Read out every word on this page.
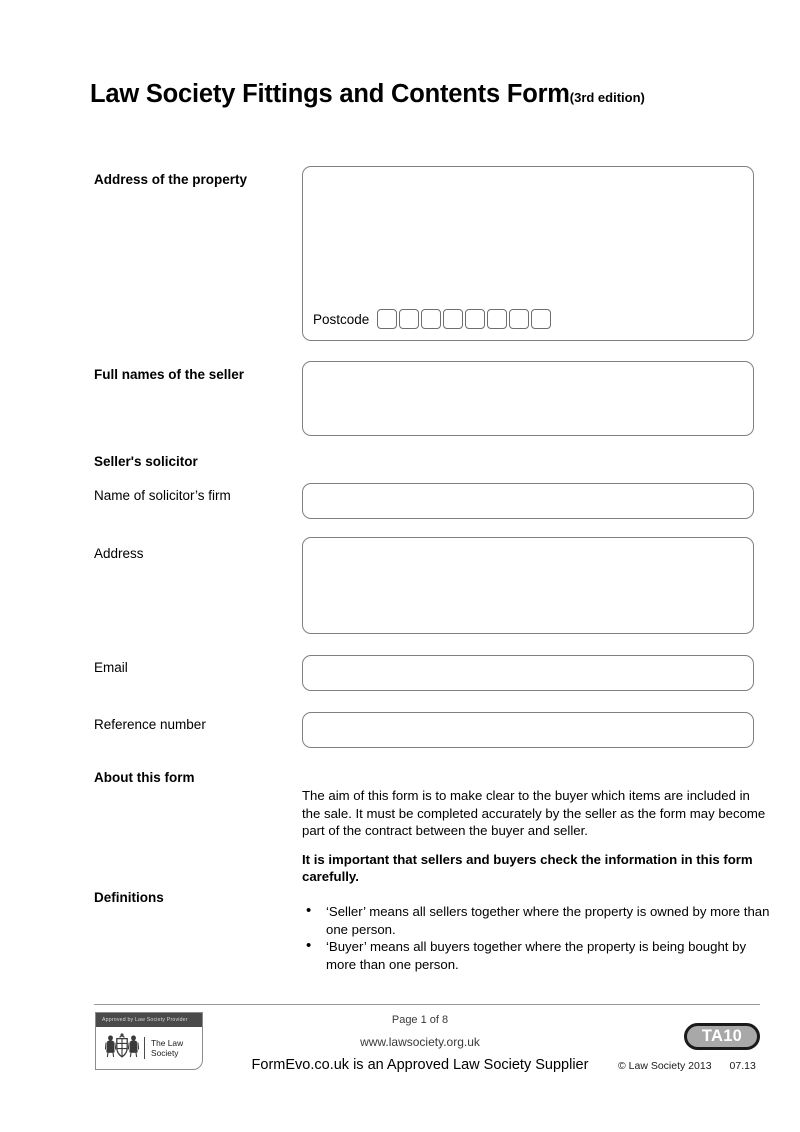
Law Society Fittings and Contents Form(3rd edition)
Address of the property
Postcode
Full names of the seller
Seller's solicitor
Name of solicitor’s firm
Address
Email
Reference number
About this form

The aim of this form is to make clear to the buyer which items are included in the sale. It must be completed accurately by the seller as the form may become part of the contract between the buyer and seller.

It is important that sellers and buyers check the information in this form carefully.

Definitions
• ‘Seller’ means all sellers together where the property is owned by more than one person.
• ‘Buyer’ means all buyers together where the property is being bought by more than one person.
Approved by Law Society Provider
The Law
Society
Page 1 of 8
www.lawsociety.org.uk
FormEvo.co.uk is an Approved Law Society Supplier
TA10
© Law Society 2013 07.13
